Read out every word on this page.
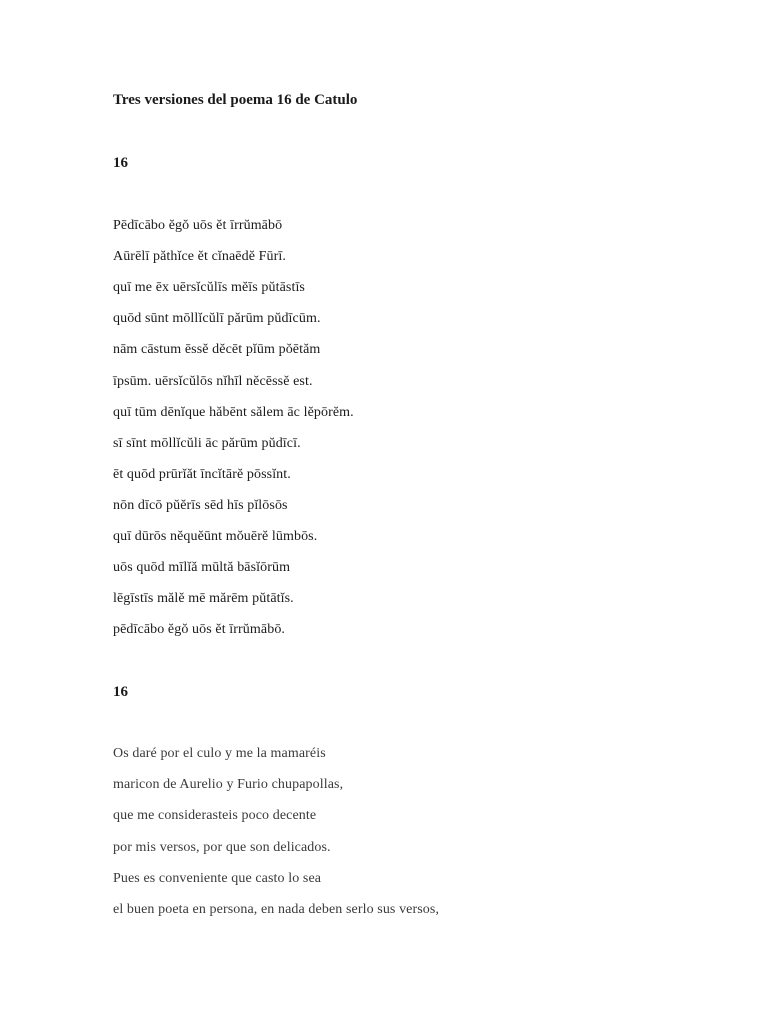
Tres versiones del poema 16 de Catulo
16
Pēdīcābo ĕgŏ uōs ĕt īrrŭmābō
Aūrēlī păthĭce ĕt cĭnaēdĕ Fūrī.
quī me ēx uērsĭcŭlīs mĕīs pŭtāstīs
quōd sūnt mōllĭcŭlī părūm pŭdīcūm.
nām cāstum ēssĕ dĕcēt pĭūm pŏētăm
īpsūm. uērsĭcŭlōs nĭhīl nĕcēssĕ est.
quī tūm dēnĭque hăbēnt sălem āc lĕpōrĕm.
sī sīnt mōllĭcŭli āc părūm pŭdīcī.
ēt quōd prūrĭăt īncĭtārĕ pōssĭnt.
nōn dīcō pŭĕrīs sēd hīs pĭlōsōs
quī dūrōs nĕquĕūnt mŏuērĕ lūmbōs.
uōs quōd mīlĭă mūltă bāsĭōrūm
lēgīstīs mălĕ mē mărēm pŭtātĭs.
pēdīcābo ĕgŏ uōs ĕt īrrŭmābō.
16
Os daré por el culo y me la mamaréis
maricon de Aurelio y Furio chupapollas,
que me considerasteis poco decente
por mis versos, por que son delicados.
Pues es conveniente que casto lo sea
el buen poeta en persona, en nada deben serlo sus versos,
